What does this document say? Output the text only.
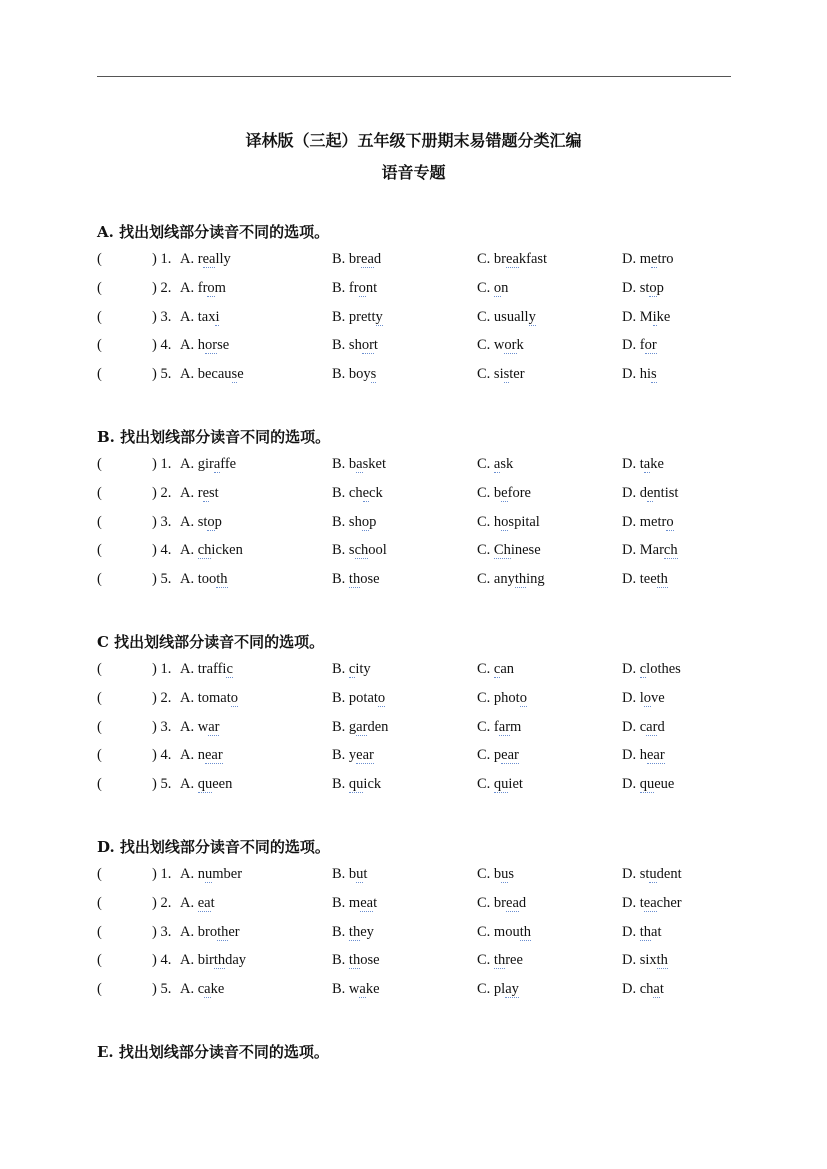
译林版（三起）五年级下册期末易错题分类汇编
语音专题
A. 找出划线部分读音不同的选项。
(	) 1. A. really	B. bread	C. breakfast	D. metro
(	) 2. A. from	B. front	C. on	D. stop
(	) 3. A. taxi	B. pretty	C. usually	D. Mike
(	) 4. A. horse	B. short	C. work	D. for
(	) 5. A. because	B. boys	C. sister	D. his
B. 找出划线部分读音不同的选项。
(	) 1. A. giraffe	B. basket	C. ask	D. take
(	) 2. A. rest	B. check	C. before	D. dentist
(	) 3. A. stop	B. shop	C. hospital	D. metro
(	) 4. A. chicken	B. school	C. Chinese	D. March
(	) 5. A. tooth	B. those	C. anything	D. teeth
C 找出划线部分读音不同的选项。
(	) 1. A. traffic	B. city	C. can	D. clothes
(	) 2. A. tomato	B. potato	C. photo	D. love
(	) 3. A. war	B. garden	C. farm	D. card
(	) 4. A. near	B. year	C. pear	D. hear
(	) 5. A. queen	B. quick	C. quiet	D. queue
D. 找出划线部分读音不同的选项。
(	) 1. A. number	B. but	C. bus	D. student
(	) 2. A. eat	B. meat	C. bread	D. teacher
(	) 3. A. brother	B. they	C. mouth	D. that
(	) 4. A. birthday	B. those	C. three	D. sixth
(	) 5. A. cake	B. wake	C. play	D. chat
E. 找出划线部分读音不同的选项。
